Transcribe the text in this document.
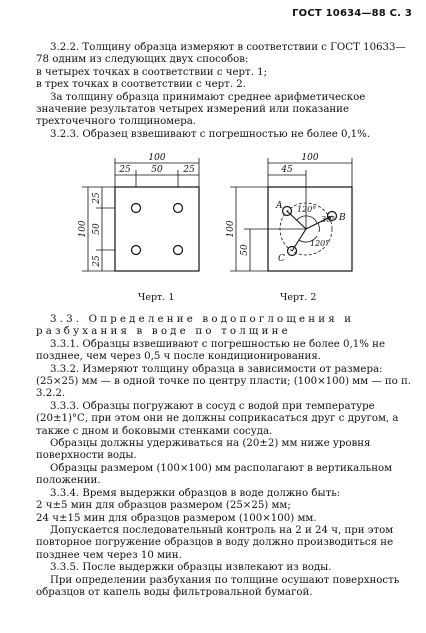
ГОСТ 10634—88 С. 3

3.2.2. Толщину образца измеряют в соответствии с ГОСТ 10633—78 одним из следующих двух способов:

в четырех точках в соответствии с черт. 1;

в трех точках в соответствии с черт. 2.

За толщину образца принимают среднее арифметическое значение результатов четырех измерений или показание трехточечного толщиномера.

3.2.3. Образец взвешивают с погрешностью не более 0,1%.

100
25 50 25
100
25
50
25
100
45
100
50
120°
30°
120°
A
B
C
Черт. 1	Черт. 2

3.3. Определение водопоглощения и разбухания в воде по толщине

3.3.1. Образцы взвешивают с погрешностью не более 0,1% не позднее, чем через 0,5 ч после кондиционирования.

3.3.2. Измеряют толщину образца в зависимости от размера: (25×25) мм — в одной точке по центру пласти; (100×100) мм — по п. 3.2.2.

3.3.3. Образцы погружают в сосуд с водой при температуре (20±1)°С, при этом они не должны соприкасаться друг с другом, а также с дном и боковыми стенками сосуда.

Образцы должны удерживаться на (20±2) мм ниже уровня поверхности воды.

Образцы размером (100×100) мм располагают в вертикальном положении.

3.3.4. Время выдержки образцов в воде должно быть:

2 ч±5 мин для образцов размером (25×25) мм;

24 ч±15 мин для образцов размером (100×100) мм.

Допускается последовательный контроль на 2 и 24 ч, при этом повторное погружение образцов в воду должно производиться не позднее чем через 10 мин.

3.3.5. После выдержки образцы извлекают из воды.

При определении разбухания по толщине осушают поверхность образцов от капель воды фильтровальной бумагой.
